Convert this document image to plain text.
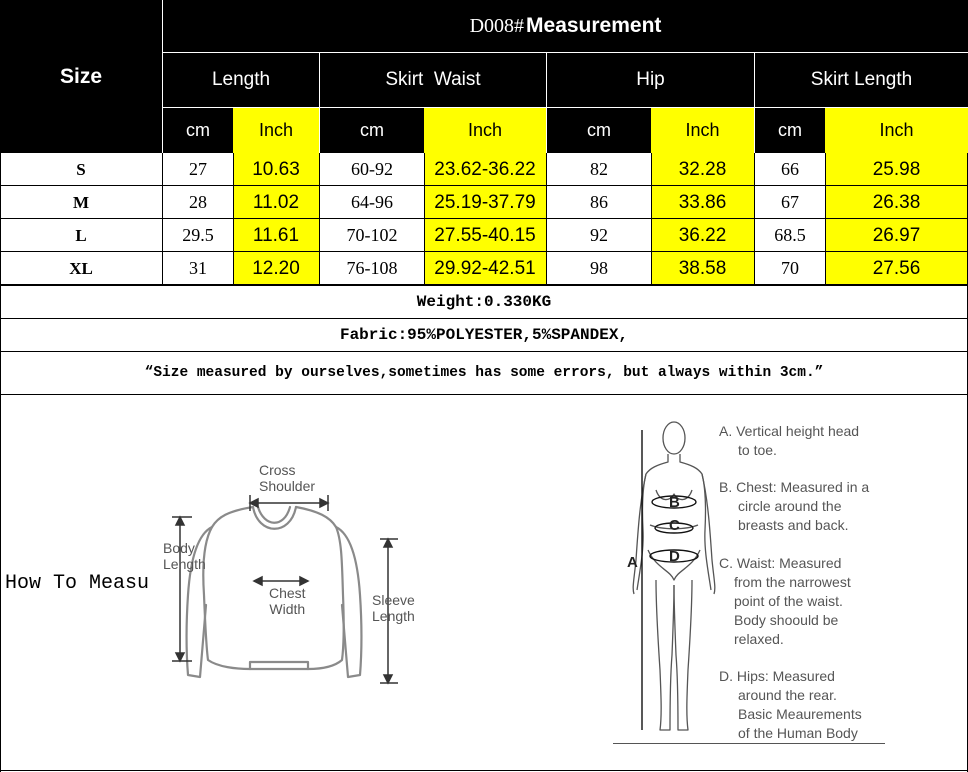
D008# Measurement
Size	Length	Skirt  Waist	Hip	Skirt Length
cm	Inch	cm	Inch	cm	Inch	cm	Inch
S	27	10.63	60-92	23.62-36.22	82	32.28	66	25.98
M	28	11.02	64-96	25.19-37.79	86	33.86	67	26.38
L	29.5	11.61	70-102	27.55-40.15	92	36.22	68.5	26.97
XL	31	12.20	76-108	29.92-42.51	98	38.58	70	27.56
Weight:0.330KG
Fabric:95%POLYESTER,5%SPANDEX,
“Size measured by ourselves,sometimes has some errors, but always within 3cm.”
How To Measu
Cross
Shoulder
Body
Length
Chest
Width
Sleeve
Length
A
B
C
D
A. Vertical height head
to toe.
B. Chest: Measured in a
circle around the
breasts and back.
C. Waist: Measured
from the narrowest
point of the waist.
Body shoould be
relaxed.
D. Hips: Measured
around the rear.
Basic Meaurements
of the Human Body
